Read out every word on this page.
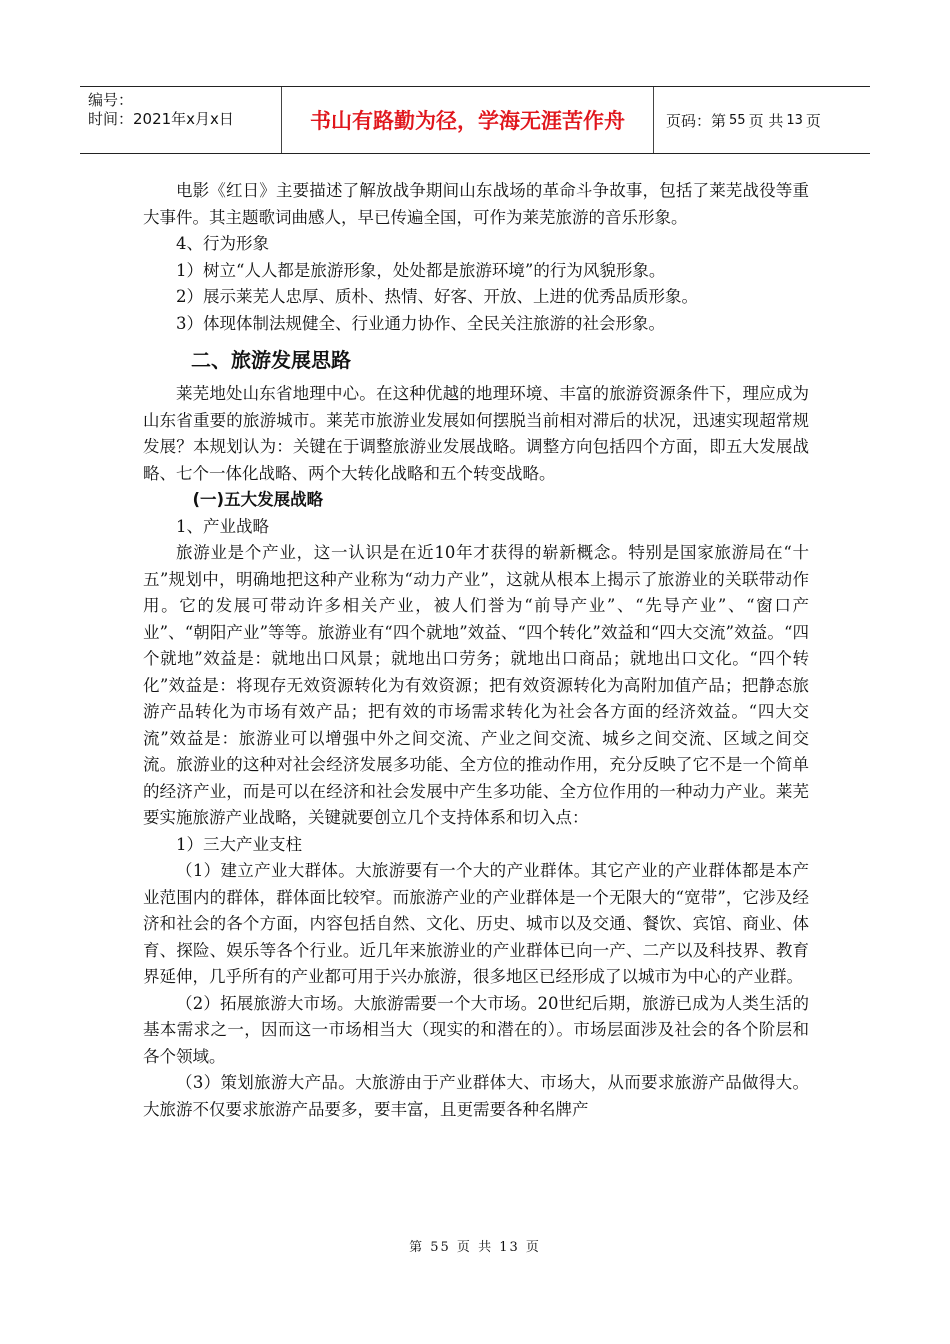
编号：
时间：2021年x月x日	书山有路勤为径，学海无涯苦作舟	页码：第 55 页 共 13 页

电影《红日》主要描述了解放战争期间山东战场的革命斗争故事，包括了莱芜战役等重大事件。其主题歌词曲感人，早已传遍全国，可作为莱芜旅游的音乐形象。

4、行为形象

1）树立“人人都是旅游形象，处处都是旅游环境”的行为风貌形象。

2）展示莱芜人忠厚、质朴、热情、好客、开放、上进的优秀品质形象。

3）体现体制法规健全、行业通力协作、全民关注旅游的社会形象。

二、旅游发展思路

莱芜地处山东省地理中心。在这种优越的地理环境、丰富的旅游资源条件下，理应成为山东省重要的旅游城市。莱芜市旅游业发展如何摆脱当前相对滞后的状况，迅速实现超常规发展？本规划认为：关键在于调整旅游业发展战略。调整方向包括四个方面，即五大发展战略、七个一体化战略、两个大转化战略和五个转变战略。

(一)五大发展战略

1、产业战略

旅游业是个产业，这一认识是在近10年才获得的崭新概念。特别是国家旅游局在“十五”规划中，明确地把这种产业称为“动力产业”，这就从根本上揭示了旅游业的关联带动作用。它的发展可带动许多相关产业，被人们誉为“前导产业”、“先导产业”、“窗口产业”、“朝阳产业”等等。旅游业有“四个就地”效益、“四个转化”效益和“四大交流”效益。“四个就地”效益是：就地出口风景；就地出口劳务；就地出口商品；就地出口文化。“四个转化”效益是：将现存无效资源转化为有效资源；把有效资源转化为高附加值产品；把静态旅游产品转化为市场有效产品；把有效的市场需求转化为社会各方面的经济效益。“四大交流”效益是：旅游业可以增强中外之间交流、产业之间交流、城乡之间交流、区域之间交流。旅游业的这种对社会经济发展多功能、全方位的推动作用，充分反映了它不是一个简单的经济产业，而是可以在经济和社会发展中产生多功能、全方位作用的一种动力产业。莱芜要实施旅游产业战略，关键就要创立几个支持体系和切入点：

1）三大产业支柱

（1）建立产业大群体。大旅游要有一个大的产业群体。其它产业的产业群体都是本产业范围内的群体，群体面比较窄。而旅游产业的产业群体是一个无限大的“宽带”，它涉及经济和社会的各个方面，内容包括自然、文化、历史、城市以及交通、餐饮、宾馆、商业、体育、探险、娱乐等各个行业。近几年来旅游业的产业群体已向一产、二产以及科技界、教育界延伸，几乎所有的产业都可用于兴办旅游，很多地区已经形成了以城市为中心的产业群。

（2）拓展旅游大市场。大旅游需要一个大市场。20世纪后期，旅游已成为人类生活的基本需求之一，因而这一市场相当大（现实的和潜在的）。市场层面涉及社会的各个阶层和各个领域。

（3）策划旅游大产品。大旅游由于产业群体大、市场大，从而要求旅游产品做得大。大旅游不仅要求旅游产品要多，要丰富，且更需要各种名牌产

第 55 页 共 13 页
